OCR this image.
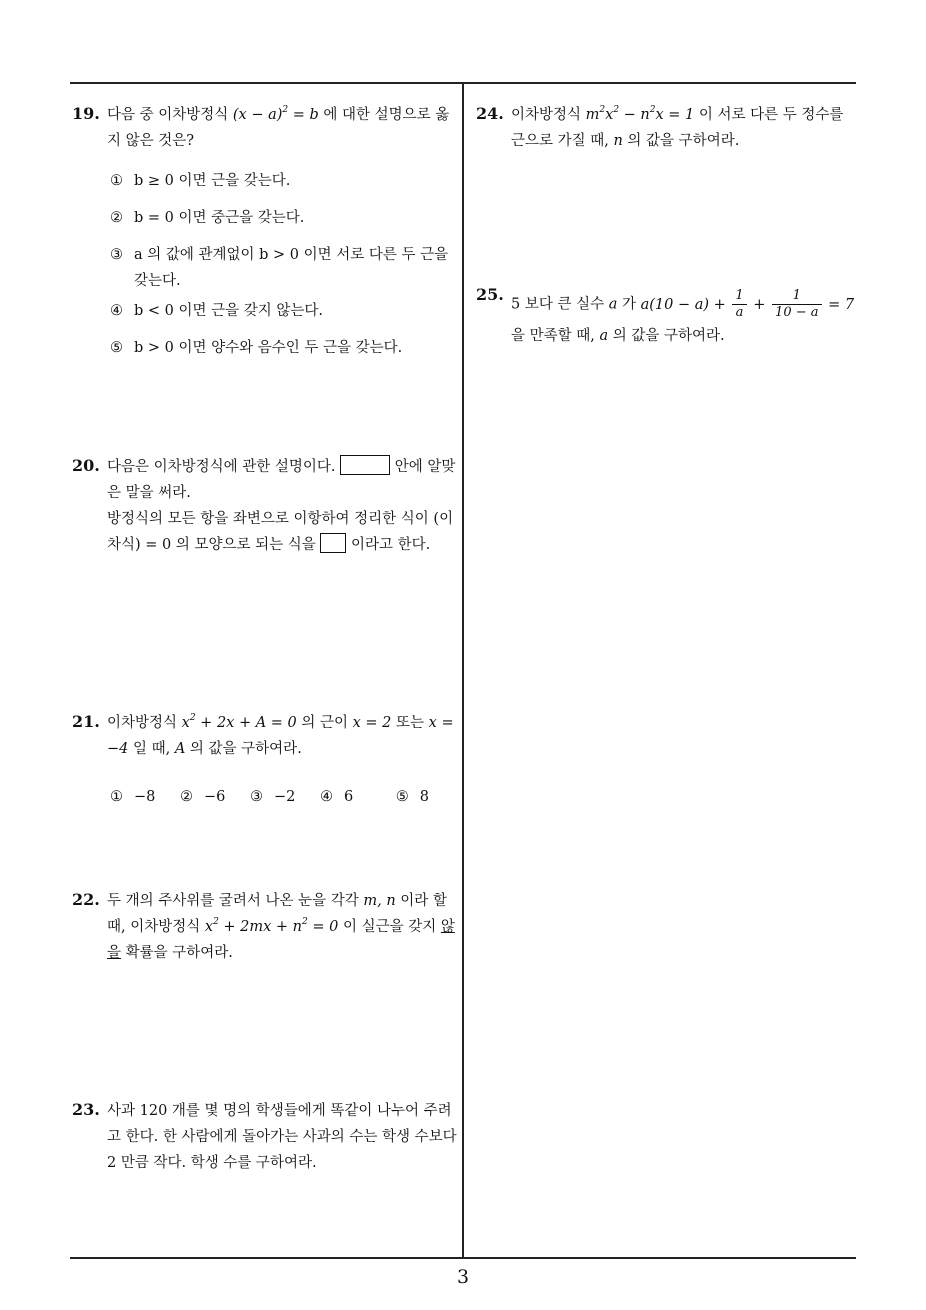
19. 다음 중 이차방정식 $(x - a)^2 = b$ 에 대한 설명으로 옳지 않은 것은?
① b ≥ 0 이면 근을 갖는다.
② b = 0 이면 중근을 갖는다.
③ a 의 값에 관계없이 b > 0 이면 서로 다른 두 근을 갖는다.
④ b < 0 이면 근을 갖지 않는다.
⑤ b > 0 이면 양수와 음수인 두 근을 갖는다.
20. 다음은 이차방정식에 관한 설명이다.	안에 알맞은 말을 써라.

방정식의 모든 항을 좌변으로 이항하여 정리한 식이 (이차식) = 0 의 모양으로 되는 식을  이라고 한다.

21. 이차방정식 $x^2 + 2x + A = 0$ 의 근이 x = 2 또는 x = −4 일 때, A 의 값을 구하여라.
① −8 ② −6 ③ −2 ④ 6	⑤ 8
22. 두 개의 주사위를 굴려서 나온 눈을 각각 m, n 이라 할 때, 이차방정식 $x^2 + 2mx + n^2 = 0$ 이 실근을 갖지 않을 확률을 구하여라.
23. 사과 120 개를 몇 명의 학생들에게 똑같이 나누어 주려고 한다. 한 사람에게 돌아가는 사과의 수는 학생 수보다 2 만큼 작다. 학생 수를 구하여라.
24. 이차방정식 $m^2x^2 - n^2x = 1$ 이 서로 다른 두 정수를 근으로 가질 때, n 의 값을 구하여라.
25.
5 보다 큰 실수 a 가 $a(10 - a) + \frac{1}{a} + \frac{1}{10 - a} = 7$ 을 만족할 때, a 의 값을 구하여라.
3
